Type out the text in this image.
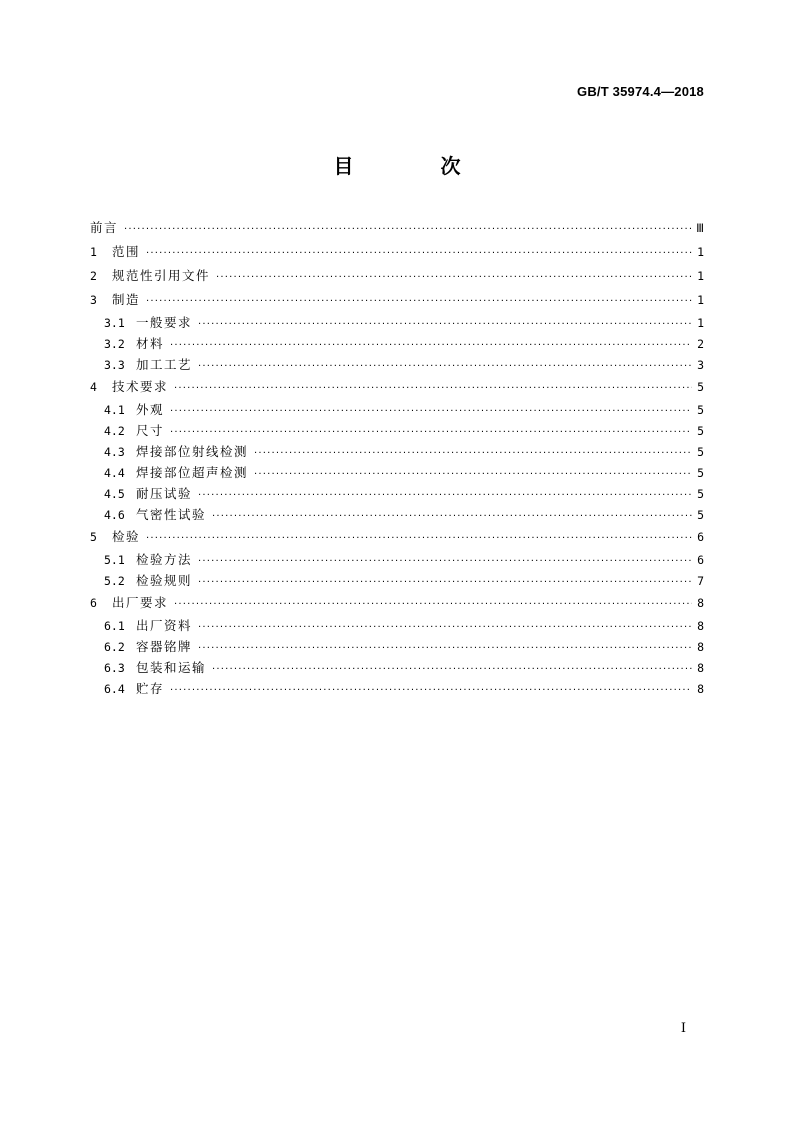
GB/T 35974.4—2018
目 次
前言 ·····	Ⅲ
1	范围 ·····	1
2	规范性引用文件 ·····	1
3	制造 ·····	1
3.1 一般要求 ·····	1
3.2 材料 ·····	2
3.3 加工工艺 ·····	3
4	技术要求 ·····	5
4.1 外观 ·····	5
4.2 尺寸 ·····	5
4.3 焊接部位射线检测 ·····	5
4.4 焊接部位超声检测 ·····	5
4.5 耐压试验 ·····	5
4.6 气密性试验 ·····	5
5	检验 ·····	6
5.1 检验方法 ·····	6
5.2 检验规则 ·····	7
6	出厂要求 ·····	8
6.1 出厂资料 ·····	8
6.2 容器铭牌 ·····	8
6.3 包装和运输 ·····	8
6.4 贮存 ·····	8
Ⅰ
